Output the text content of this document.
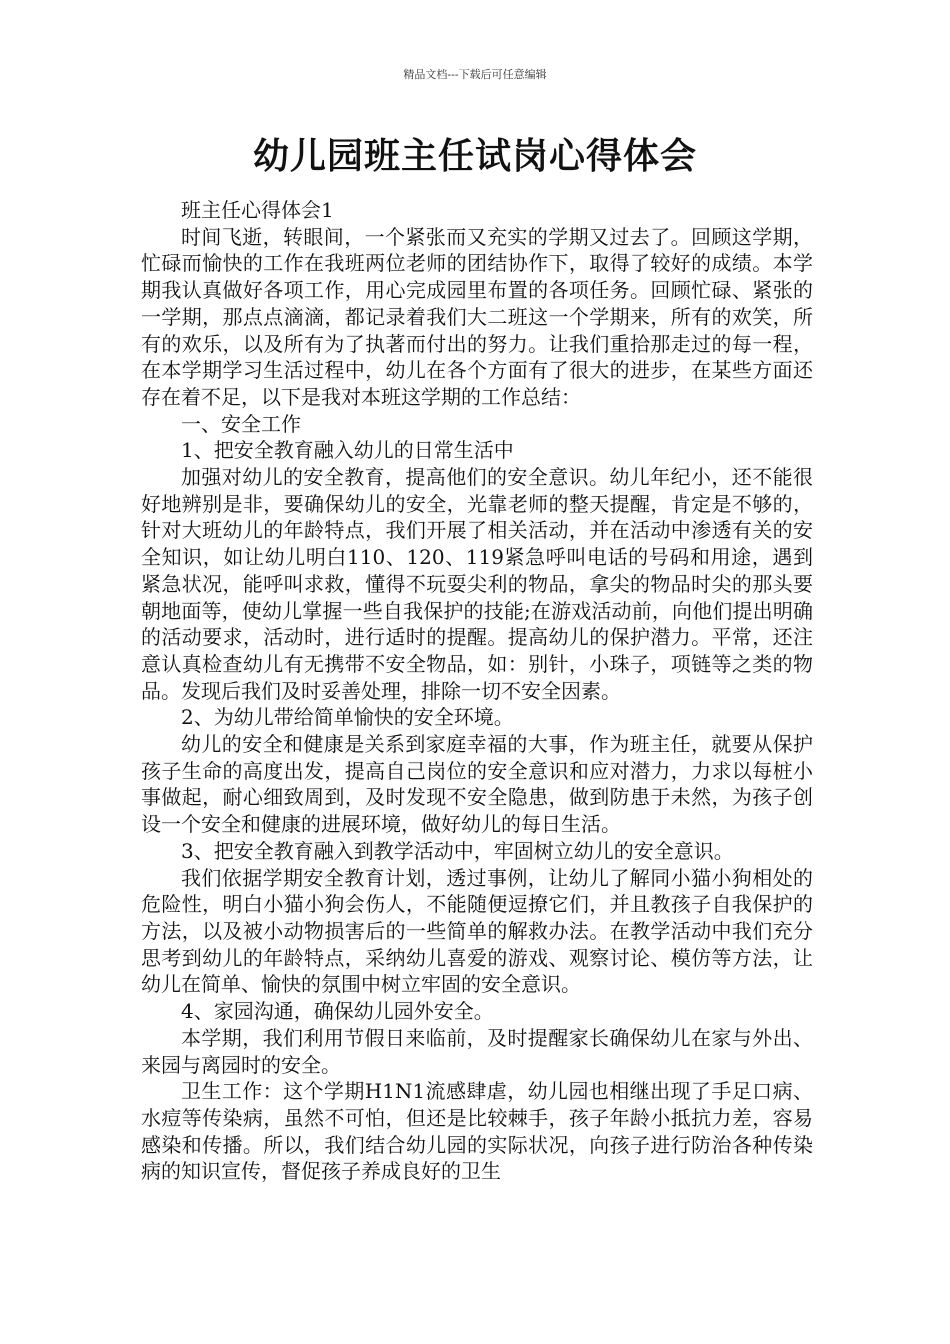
精品文档---下载后可任意编辑
幼儿园班主任试岗心得体会

班主任心得体会1

时间飞逝，转眼间，一个紧张而又充实的学期又过去了。回顾这学期，忙碌而愉快的工作在我班两位老师的团结协作下，取得了较好的成绩。本学期我认真做好各项工作，用心完成园里布置的各项任务。回顾忙碌、紧张的一学期，那点点滴滴，都记录着我们大二班这一个学期来，所有的欢笑，所有的欢乐，以及所有为了执著而付出的努力。让我们重拾那走过的每一程，在本学期学习生活过程中，幼儿在各个方面有了很大的进步，在某些方面还存在着不足，以下是我对本班这学期的工作总结：

一、安全工作

1、把安全教育融入幼儿的日常生活中

加强对幼儿的安全教育，提高他们的安全意识。幼儿年纪小，还不能很好地辨别是非，要确保幼儿的安全，光靠老师的整天提醒，肯定是不够的，针对大班幼儿的年龄特点，我们开展了相关活动，并在活动中渗透有关的安全知识，如让幼儿明白110、120、119紧急呼叫电话的号码和用途，遇到紧急状况，能呼叫求救，懂得不玩耍尖利的物品，拿尖的物品时尖的那头要朝地面等，使幼儿掌握一些自我保护的技能;在游戏活动前，向他们提出明确的活动要求，活动时，进行适时的提醒。提高幼儿的保护潜力。平常，还注意认真检查幼儿有无携带不安全物品，如：别针，小珠子，项链等之类的物品。发现后我们及时妥善处理，排除一切不安全因素。

2、为幼儿带给简单愉快的安全环境。

幼儿的安全和健康是关系到家庭幸福的大事，作为班主任，就要从保护孩子生命的高度出发，提高自己岗位的安全意识和应对潜力，力求以每桩小事做起，耐心细致周到，及时发现不安全隐患，做到防患于未然，为孩子创设一个安全和健康的进展环境，做好幼儿的每日生活。

3、把安全教育融入到教学活动中，牢固树立幼儿的安全意识。

我们依据学期安全教育计划，透过事例，让幼儿了解同小猫小狗相处的危险性，明白小猫小狗会伤人，不能随便逗撩它们，并且教孩子自我保护的方法，以及被小动物损害后的一些简单的解救办法。在教学活动中我们充分思考到幼儿的年龄特点，采纳幼儿喜爱的游戏、观察讨论、模仿等方法，让幼儿在简单、愉快的氛围中树立牢固的安全意识。

4、家园沟通，确保幼儿园外安全。

本学期，我们利用节假日来临前，及时提醒家长确保幼儿在家与外出、来园与离园时的安全。

卫生工作：这个学期H1N1流感肆虐，幼儿园也相继出现了手足口病、水痘等传染病，虽然不可怕，但还是比较棘手，孩子年龄小抵抗力差，容易感染和传播。所以，我们结合幼儿园的实际状况，向孩子进行防治各种传染病的知识宣传，督促孩子养成良好的卫生
